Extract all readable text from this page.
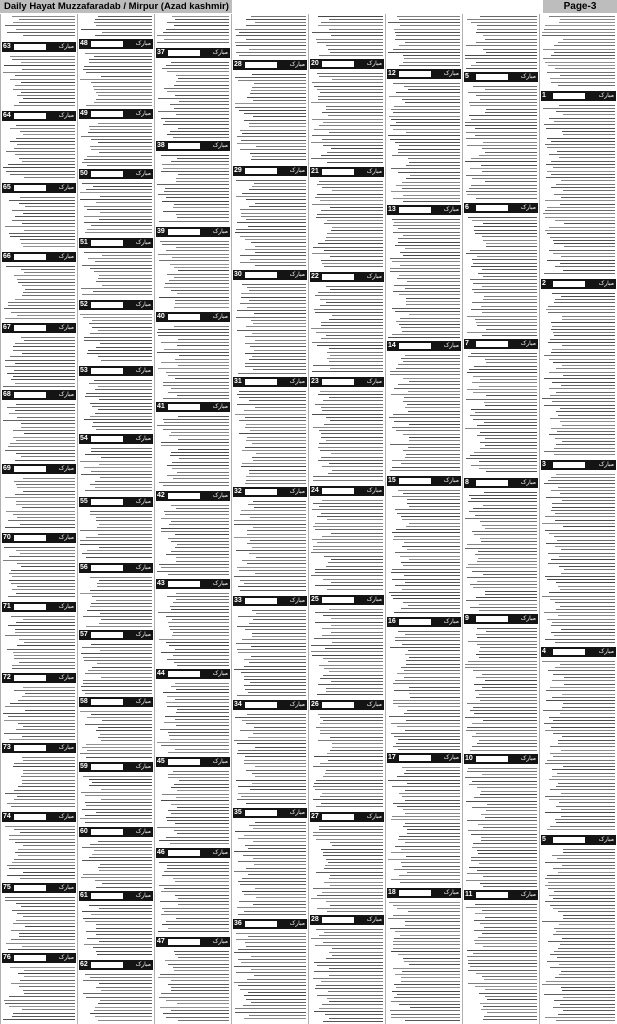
Daily Hayat Muzzafaradab / Mirpur (Azad kashmir)	Page-3
63	مبارک
64	مبارک
65	مبارک
66	مبارک
67	مبارک
68	مبارک
69	مبارک
70	مبارک
71	مبارک
72	مبارک
73	مبارک
74	مبارک
75	مبارک
76	مبارک
48	مبارک
49	مبارک
50	مبارک
51	مبارک
52	مبارک
53	مبارک
54	مبارک
55	مبارک
56	مبارک
57	مبارک
58	مبارک
59	مبارک
60	مبارک
61	مبارک
62	مبارک
37	مبارک
38	مبارک
39	مبارک
40	مبارک
41	مبارک
42	مبارک
43	مبارک
44	مبارک
45	مبارک
46	مبارک
47	مبارک
28	مبارک
29	مبارک
30	مبارک
31	مبارک
32	مبارک
33	مبارک
34	مبارک
35	مبارک
36	مبارک
20	مبارک
21	مبارک
22	مبارک
23	مبارک
24	مبارک
25	مبارک
26	مبارک
27	مبارک
28	مبارک
12	مبارک
13	مبارک
14	مبارک
15	مبارک
16	مبارک
17	مبارک
18	مبارک
5	مبارک
6	مبارک
7	مبارک
8	مبارک
9	مبارک
10	مبارک
11	مبارک
1	مبارک
2	مبارک
3	مبارک
4	مبارک
5	مبارک
